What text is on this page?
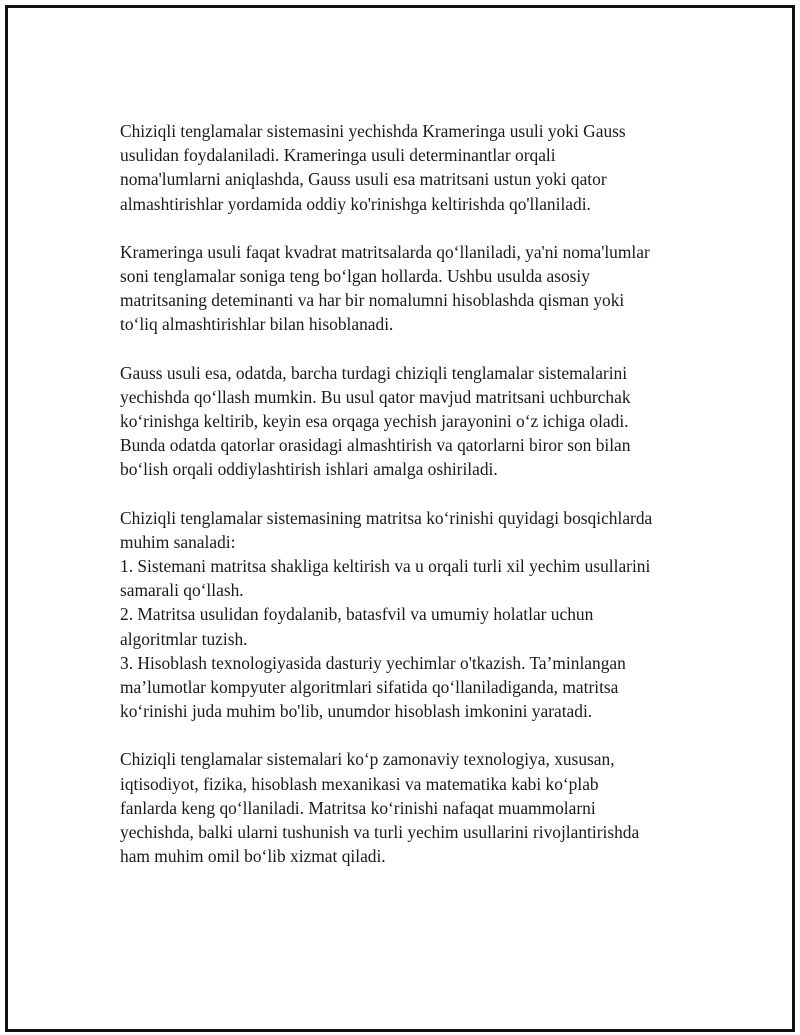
Chiziqli tenglamalar sistemasini yechishda Krameringa usuli yoki Gauss
usulidan foydalaniladi. Krameringa usuli determinantlar orqali
noma'lumlarni aniqlashda, Gauss usuli esa matritsani ustun yoki qator
almashtirishlar yordamida oddiy ko'rinishga keltirishda qo'llaniladi.

Krameringa usuli faqat kvadrat matritsalarda qo‘llaniladi, ya'ni noma'lumlar
soni tenglamalar soniga teng bo‘lgan hollarda. Ushbu usulda asosiy
matritsaning deteminanti va har bir nomalumni hisoblashda qisman yoki
to‘liq almashtirishlar bilan hisoblanadi.

Gauss usuli esa, odatda, barcha turdagi chiziqli tenglamalar sistemalarini
yechishda qo‘llash mumkin. Bu usul qator mavjud matritsani uchburchak
ko‘rinishga keltirib, keyin esa orqaga yechish jarayonini o‘z ichiga oladi.
Bunda odatda qatorlar orasidagi almashtirish va qatorlarni biror son bilan
bo‘lish orqali oddiylashtirish ishlari amalga oshiriladi.

Chiziqli tenglamalar sistemasining matritsa ko‘rinishi quyidagi bosqichlarda
muhim sanaladi:
1. Sistemani matritsa shakliga keltirish va u orqali turli xil yechim usullarini
samarali qo‘llash.
2. Matritsa usulidan foydalanib, batasfvil va umumiy holatlar uchun
algoritmlar tuzish.
3. Hisoblash texnologiyasida dasturiy yechimlar o'tkazish. Ta’minlangan
ma’lumotlar kompyuter algoritmlari sifatida qo‘llaniladiganda, matritsa
ko‘rinishi juda muhim bo'lib, unumdor hisoblash imkonini yaratadi.

Chiziqli tenglamalar sistemalari ko‘p zamonaviy texnologiya, xususan,
iqtisodiyot, fizika, hisoblash mexanikasi va matematika kabi ko‘plab
fanlarda keng qo‘llaniladi. Matritsa ko‘rinishi nafaqat muammolarni
yechishda, balki ularni tushunish va turli yechim usullarini rivojlantirishda
ham muhim omil bo‘lib xizmat qiladi.
